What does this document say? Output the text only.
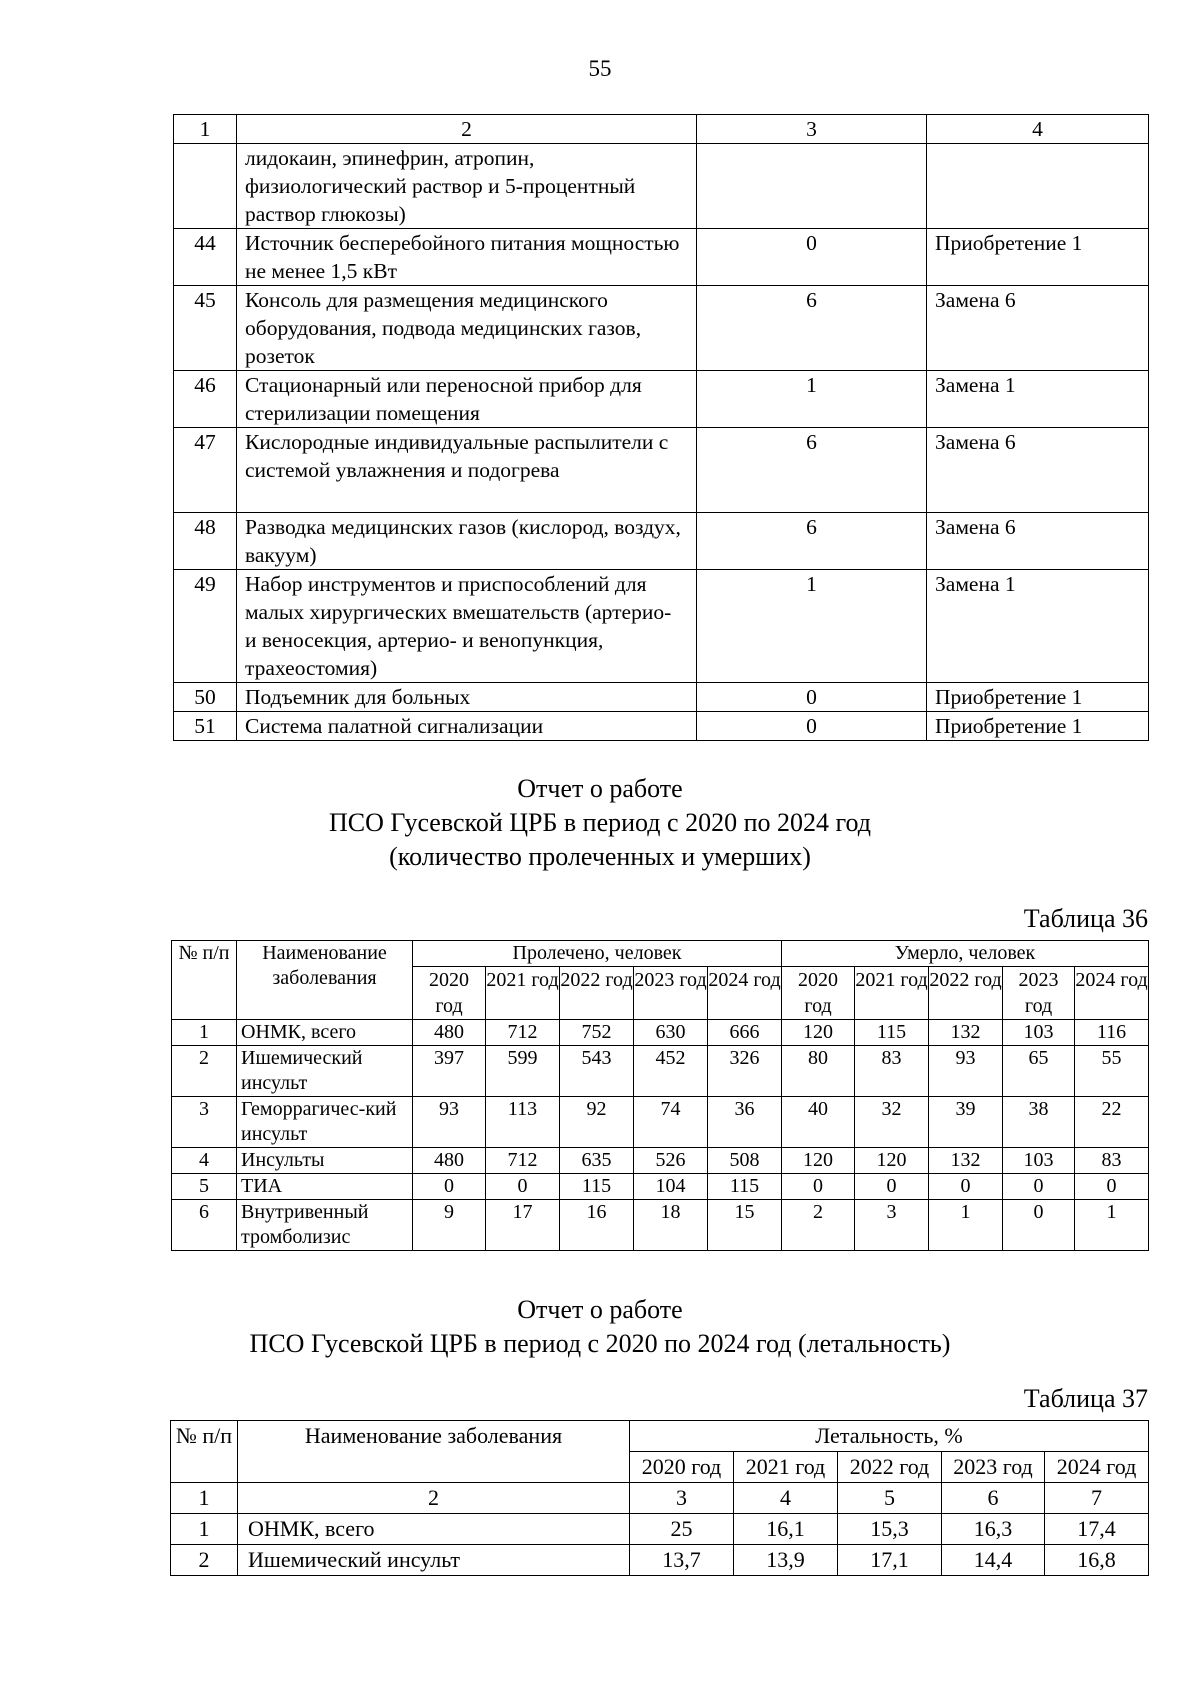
55
1	2	3	4
	лидокаин, эпинефрин, атропин, физиологический раствор и 5-процентный раствор глюкозы)		
44	Источник бесперебойного питания мощностью не менее 1,5 кВт	0	Приобретение 1
45	Консоль для размещения медицинского оборудования, подвода медицинских газов, розеток	6	Замена 6
46	Стационарный или переносной прибор для стерилизации помещения	1	Замена 1
47	Кислородные индивидуальные распылители с системой увлажнения и подогрева	6	Замена 6
48	Разводка медицинских газов (кислород, воздух, вакуум)	6	Замена 6
49	Набор инструментов и приспособлений для малых хирургических вмешательств (артерио- и веносекция, артерио- и венопункция, трахеостомия)	1	Замена 1
50	Подъемник для больных	0	Приобретение 1
51	Система палатной сигнализации	0	Приобретение 1
Отчет о работе
ПСО Гусевской ЦРБ в период с 2020 по 2024 год
(количество пролеченных и умерших)
Таблица 36
№ п/п	Наименование заболевания	Пролечено, человек					Умерло, человек				
		2020 год	2021 год	2022 год	2023 год	2024 год	2020 год	2021 год	2022 год	2023 год	2024 год
1	ОНМК, всего	480	712	752	630	666	120	115	132	103	116
2	Ишемический инсульт	397	599	543	452	326	80	83	93	65	55
3	Геморрагичес-кий инсульт	93	113	92	74	36	40	32	39	38	22
4	Инсульты	480	712	635	526	508	120	120	132	103	83
5	ТИА	0	0	115	104	115	0	0	0	0	0
6	Внутривенный тромболизис	9	17	16	18	15	2	3	1	0	1
Отчет о работе
ПСО Гусевской ЦРБ в период с 2020 по 2024 год (летальность)
Таблица 37
№ п/п	Наименование заболевания	Летальность, %				
		2020 год	2021 год	2022 год	2023 год	2024 год
1	2	3	4	5	6	7
1	ОНМК, всего	25	16,1	15,3	16,3	17,4
2	Ишемический инсульт	13,7	13,9	17,1	14,4	16,8
